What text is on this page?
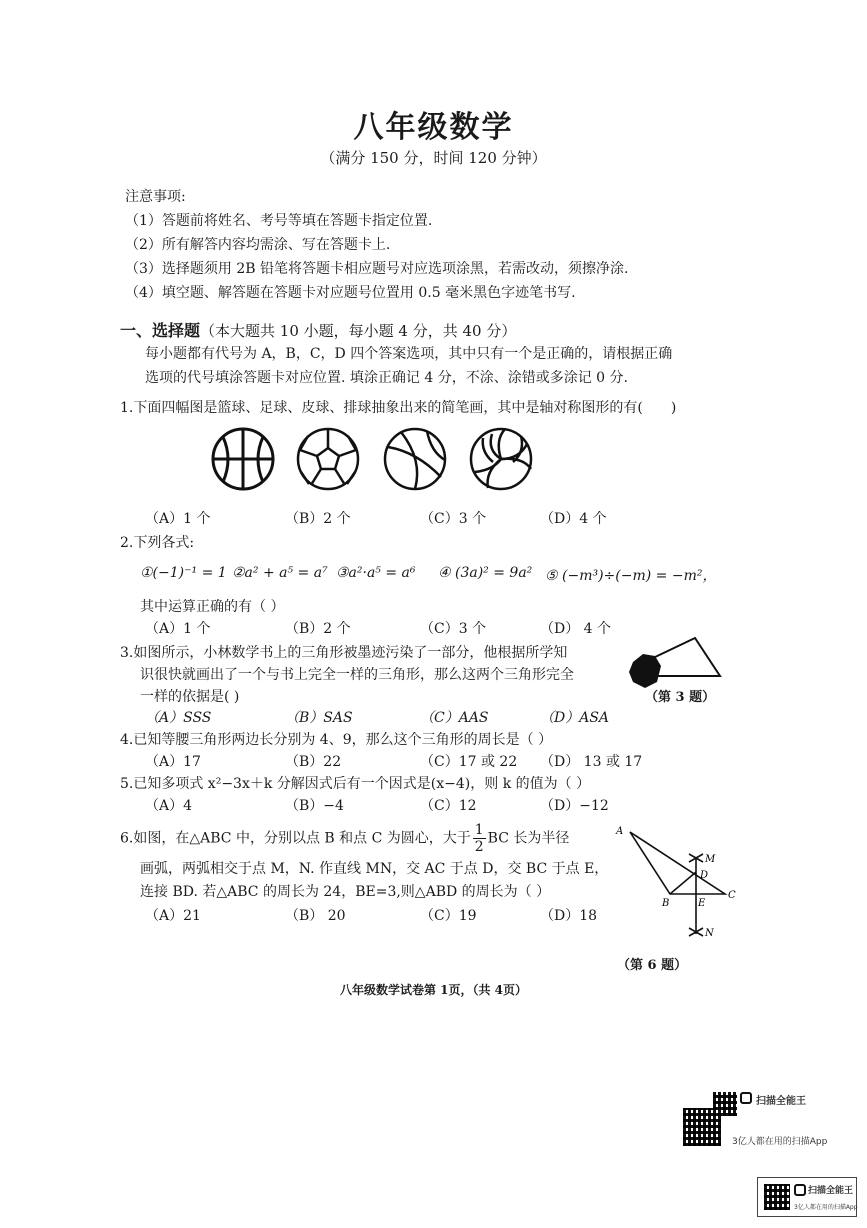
八年级数学
（满分 150 分，时间 120 分钟）
注意事项:
（1）答题前将姓名、考号等填在答题卡指定位置.
（2）所有解答内容均需涂、写在答题卡上.
（3）选择题须用 2B 铅笔将答题卡相应题号对应选项涂黑，若需改动，须擦净涂.
（4）填空题、解答题在答题卡对应题号位置用 0.5 毫米黑色字迹笔书写.
一、选择题（本大题共 10 小题，每小题 4 分，共 40 分）
每小题都有代号为 A，B，C，D 四个答案选项，其中只有一个是正确的，请根据正确
选项的代号填涂答题卡对应位置. 填涂正确记 4 分，不涂、涂错或多涂记 0 分.
1.下面四幅图是篮球、足球、皮球、排球抽象出来的简笔画，其中是轴对称图形的有( )
（A）1 个	（B）2 个	（C）3 个	（D）4 个
2.下列各式:
①(−1)⁻¹ = 1 ②a² + a⁵ = a⁷ ③a²·a⁵ = a⁶ ④ (3a)² = 9a² ⑤ (−m³)÷(−m) = −m²，
其中运算正确的有（ ）
（A）1 个	（B）2 个	（C）3 个	（D） 4 个
3.如图所示，小林数学书上的三角形被墨迹污染了一部分，他根据所学知
识很快就画出了一个与书上完全一样的三角形，那么这两个三角形完全
一样的依据是( )	（第 3 题）
（A）SSS	（B）SAS	（C）AAS	（D）ASA
4.已知等腰三角形两边长分别为 4、9，那么这个三角形的周长是（ ）
（A）17	（B）22	（C）17 或 22 （D） 13 或 17
5.已知多项式 x²−3x＋k 分解因式后有一个因式是(x−4)，则 k 的值为（ ）
（A）4	（B）−4	（C）12	（D）−12
6.如图，在△ABC 中，分别以点 B 和点 C 为圆心，大于 $\frac{1}{2}$ BC 长为半径
画弧，两弧相交于点 M，N. 作直线 MN，交 AC 于点 D，交 BC 于点 E，
连接 BD. 若△ABC 的周长为 24，BE=3,则△ABD 的周长为（ ）
（A）21	（B） 20	（C）19	（D）18
A
B
C
D
E
M
N
（第 6 题）
八年级数学试卷第 1页，（共 4页）
扫描全能王
3亿人都在用的扫描App
扫描全能王
3亿人都在用的扫描App
